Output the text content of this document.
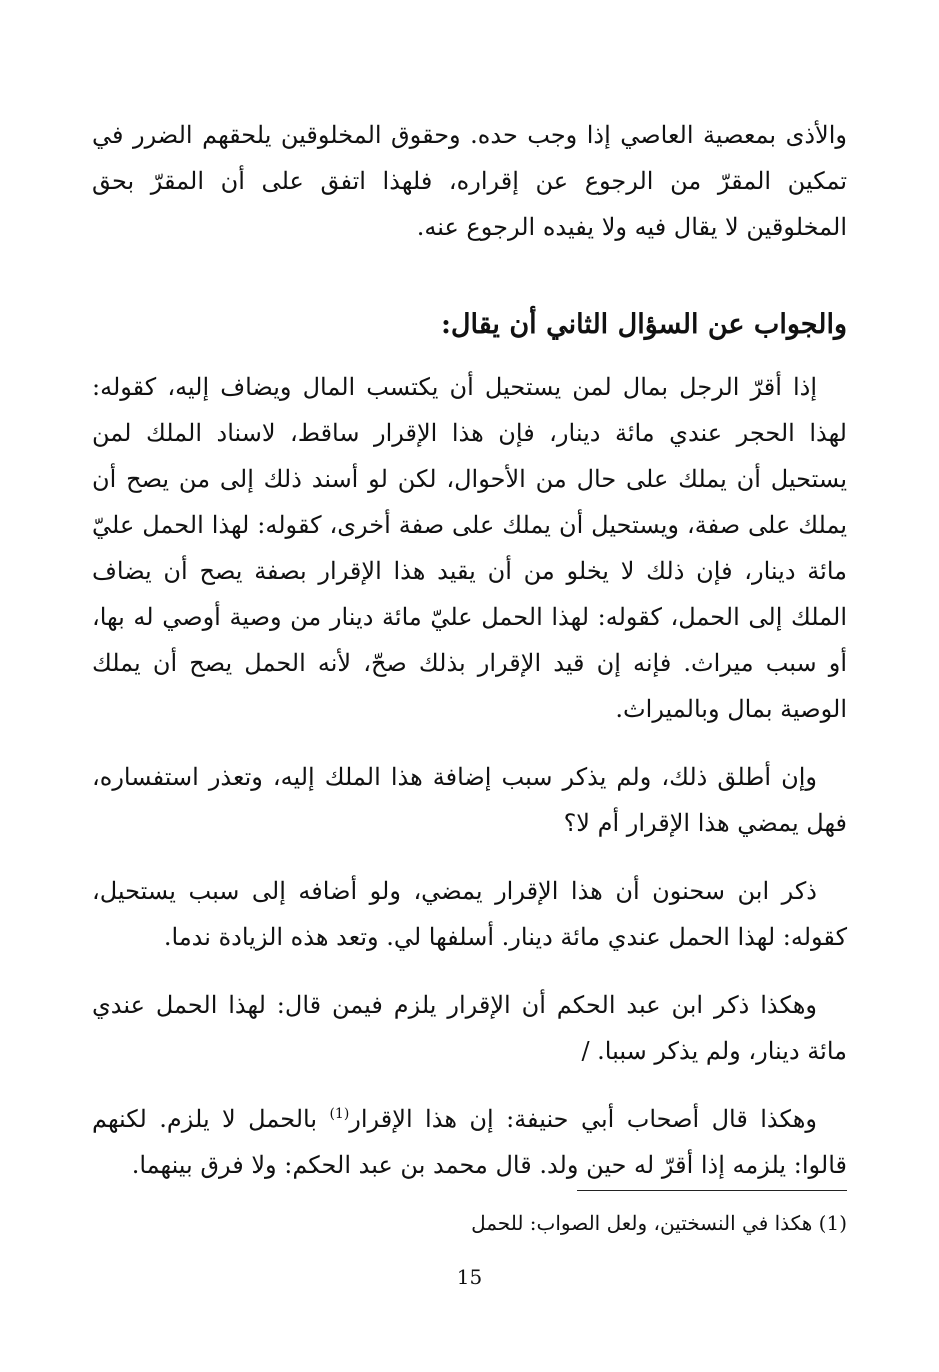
والأذى بمعصية العاصي إذا وجب حده. وحقوق المخلوقين يلحقهم الضرر في تمكين المقرّ من الرجوع عن إقراره، فلهذا اتفق على أن المقرّ بحق المخلوقين لا يقال فيه ولا يفيده الرجوع عنه.

والجواب عن السؤال الثاني أن يقال:

إذا أقرّ الرجل بمال لمن يستحيل أن يكتسب المال ويضاف إليه، كقوله: لهذا الحجر عندي مائة دينار، فإن هذا الإقرار ساقط، لاسناد الملك لمن يستحيل أن يملك على حال من الأحوال، لكن لو أسند ذلك إلى من يصح أن يملك على صفة، ويستحيل أن يملك على صفة أخرى، كقوله: لهذا الحمل عليّ مائة دينار، فإن ذلك لا يخلو من أن يقيد هذا الإقرار بصفة يصح أن يضاف الملك إلى الحمل، كقوله: لهذا الحمل عليّ مائة دينار من وصية أوصي له بها، أو سبب ميراث. فإنه إن قيد الإقرار بذلك صحّ، لأنه الحمل يصح أن يملك الوصية بمال وبالميراث.

وإن أطلق ذلك، ولم يذكر سبب إضافة هذا الملك إليه، وتعذر استفساره، فهل يمضي هذا الإقرار أم لا؟

ذكر ابن سحنون أن هذا الإقرار يمضي، ولو أضافه إلى سبب يستحيل، كقوله: لهذا الحمل عندي مائة دينار. أسلفها لي. وتعد هذه الزيادة ندما.

وهكذا ذكر ابن عبد الحكم أن الإقرار يلزم فيمن قال: لهذا الحمل عندي مائة دينار، ولم يذكر سببا. /

وهكذا قال أصحاب أبي حنيفة: إن هذا الإقرار$^{(1)}$ بالحمل لا يلزم. لكنهم قالوا: يلزمه إذا أقرّ له حين ولد. قال محمد بن عبد الحكم: ولا فرق بينهما.

(1) هكذا في النسختين، ولعل الصواب: للحمل

15
